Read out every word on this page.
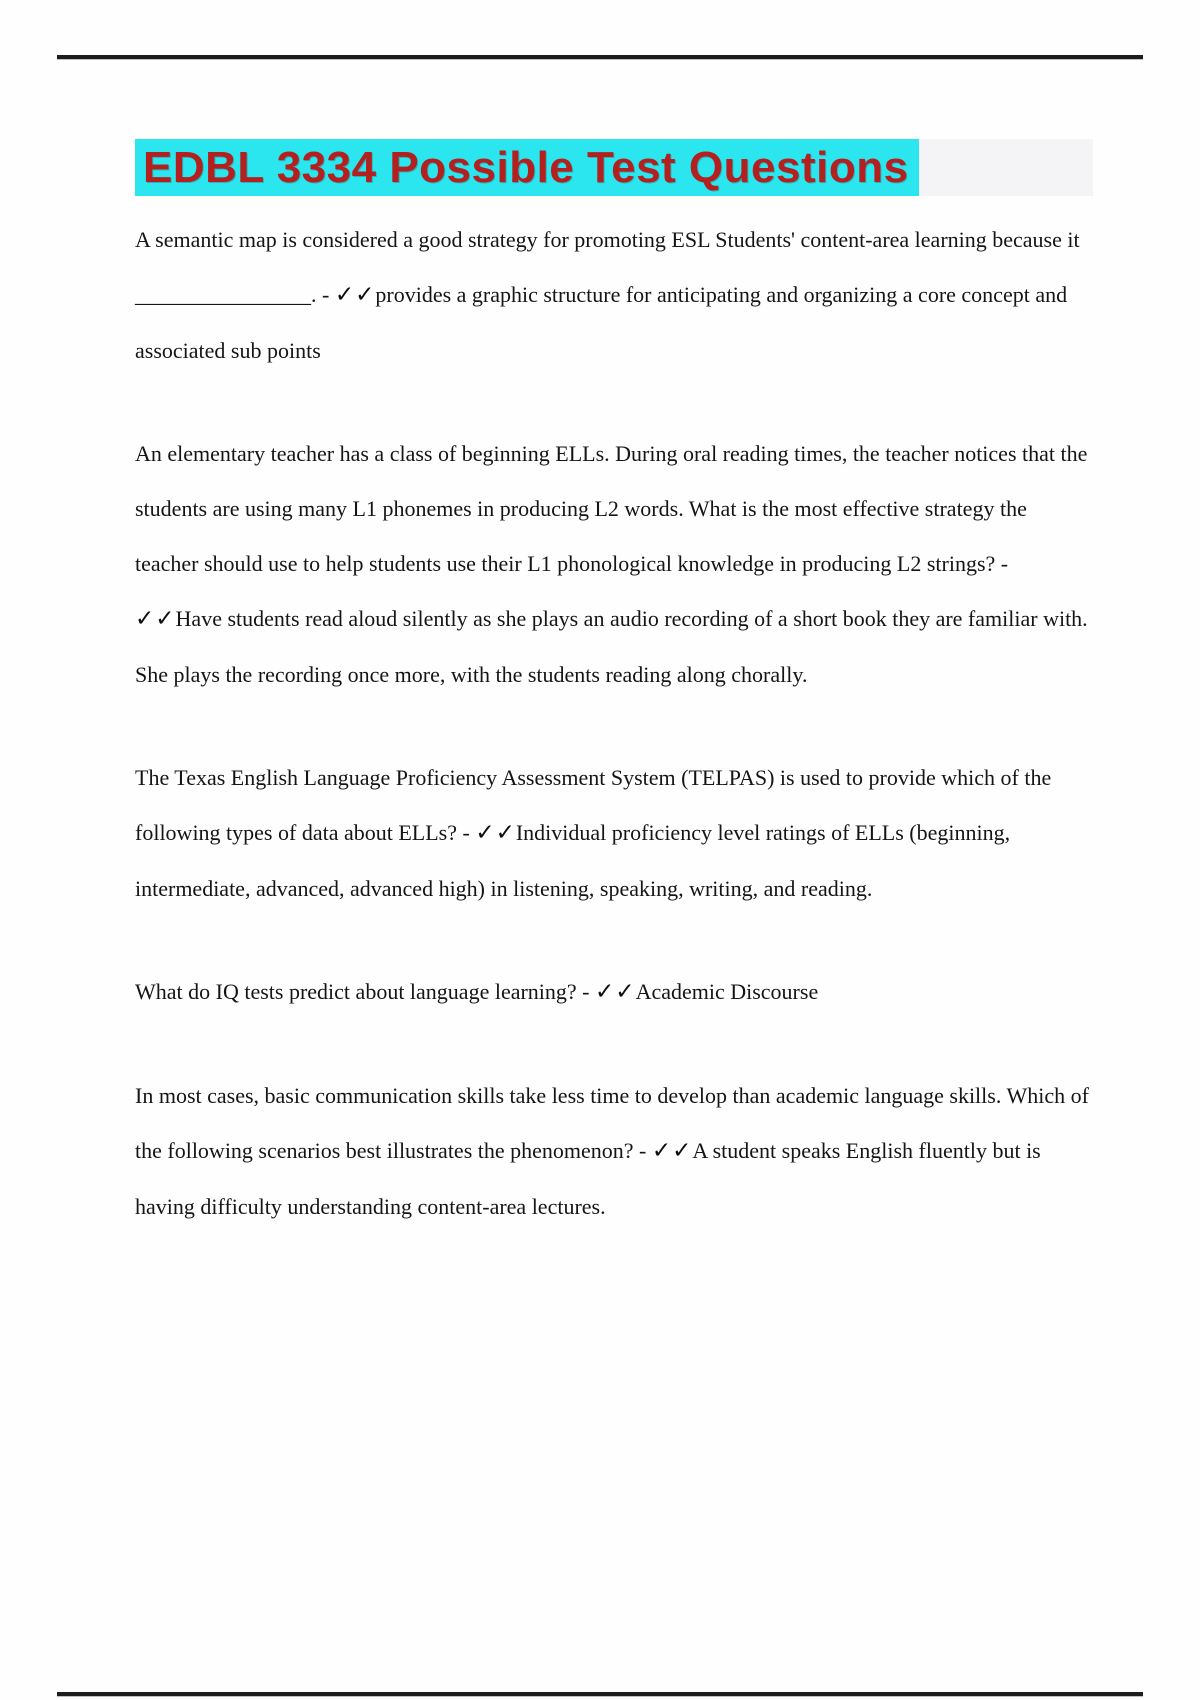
EDBL 3334 Possible Test Questions

A semantic map is considered a good strategy for promoting ESL Students' content-area learning because it ________________. - ✓✓provides a graphic structure for anticipating and organizing a core concept and associated sub points

An elementary teacher has a class of beginning ELLs. During oral reading times, the teacher notices that the students are using many L1 phonemes in producing L2 words. What is the most effective strategy the teacher should use to help students use their L1 phonological knowledge in producing L2 strings? - ✓✓Have students read aloud silently as she plays an audio recording of a short book they are familiar with. She plays the recording once more, with the students reading along chorally.

The Texas English Language Proficiency Assessment System (TELPAS) is used to provide which of the following types of data about ELLs? - ✓✓Individual proficiency level ratings of ELLs (beginning, intermediate, advanced, advanced high) in listening, speaking, writing, and reading.

What do IQ tests predict about language learning? - ✓✓Academic Discourse

In most cases, basic communication skills take less time to develop than academic language skills. Which of the following scenarios best illustrates the phenomenon? - ✓✓A student speaks English fluently but is having difficulty understanding content-area lectures.
